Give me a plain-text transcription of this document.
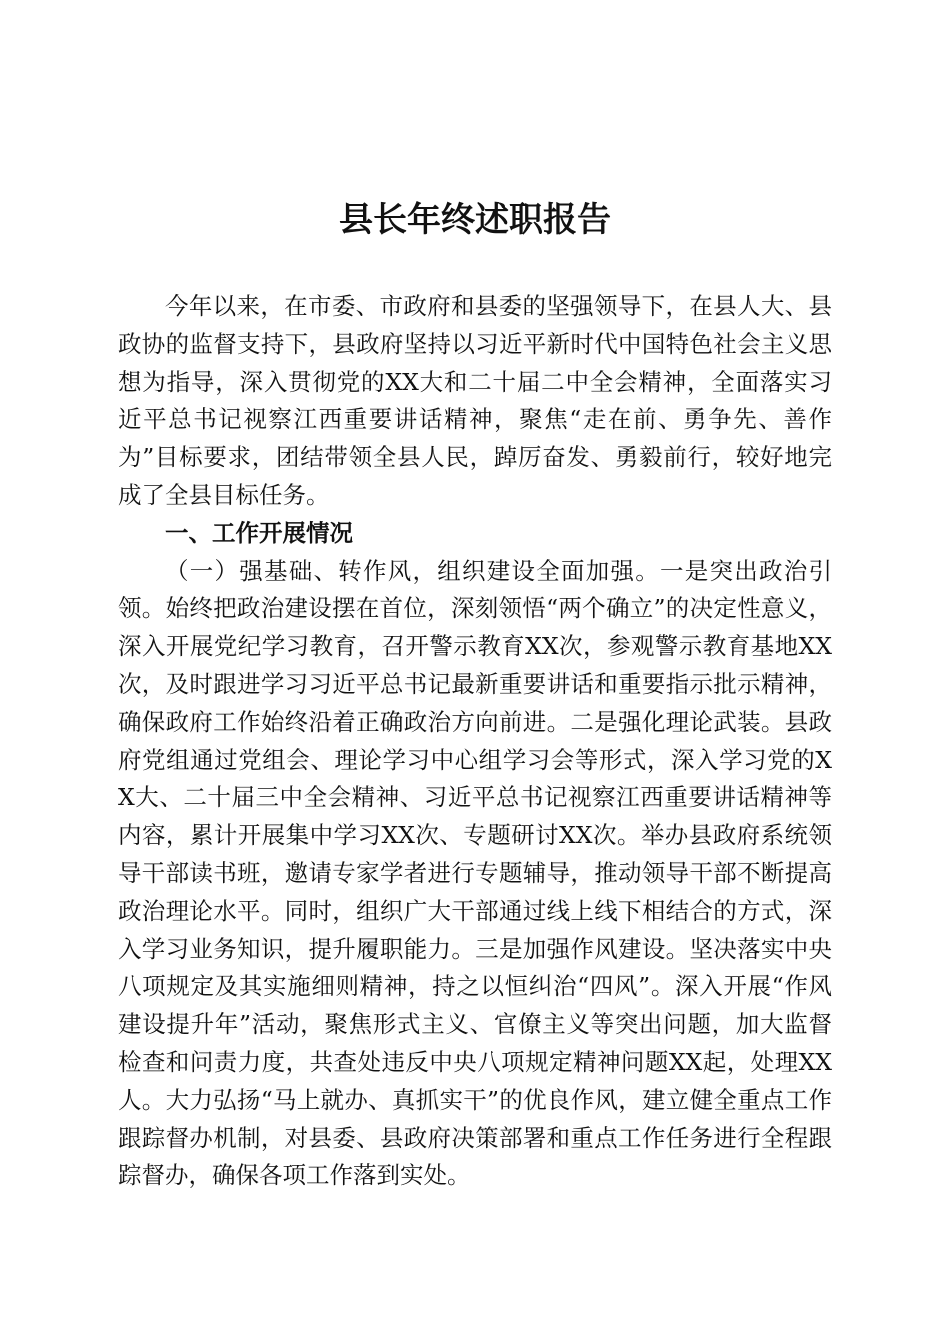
县长年终述职报告

今年以来，在市委、市政府和县委的坚强领导下，在县人大、县政协的监督支持下，县政府坚持以习近平新时代中国特色社会主义思想为指导，深入贯彻党的XX大和二十届二中全会精神，全面落实习近平总书记视察江西重要讲话精神，聚焦“走在前、勇争先、善作为”目标要求，团结带领全县人民，踔厉奋发、勇毅前行，较好地完成了全县目标任务。

一、工作开展情况

（一）强基础、转作风，组织建设全面加强。一是突出政治引领。始终把政治建设摆在首位，深刻领悟“两个确立”的决定性意义，深入开展党纪学习教育，召开警示教育XX次，参观警示教育基地XX次，及时跟进学习习近平总书记最新重要讲话和重要指示批示精神，确保政府工作始终沿着正确政治方向前进。二是强化理论武装。县政府党组通过党组会、理论学习中心组学习会等形式，深入学习党的XX大、二十届三中全会精神、习近平总书记视察江西重要讲话精神等内容，累计开展集中学习XX次、专题研讨XX次。举办县政府系统领导干部读书班，邀请专家学者进行专题辅导，推动领导干部不断提高政治理论水平。同时，组织广大干部通过线上线下相结合的方式，深入学习业务知识，提升履职能力。三是加强作风建设。坚决落实中央八项规定及其实施细则精神，持之以恒纠治“四风”。深入开展“作风建设提升年”活动，聚焦形式主义、官僚主义等突出问题，加大监督检查和问责力度，共查处违反中央八项规定精神问题XX起，处理XX人。大力弘扬“马上就办、真抓实干”的优良作风，建立健全重点工作跟踪督办机制，对县委、县政府决策部署和重点工作任务进行全程跟踪督办，确保各项工作落到实处。
